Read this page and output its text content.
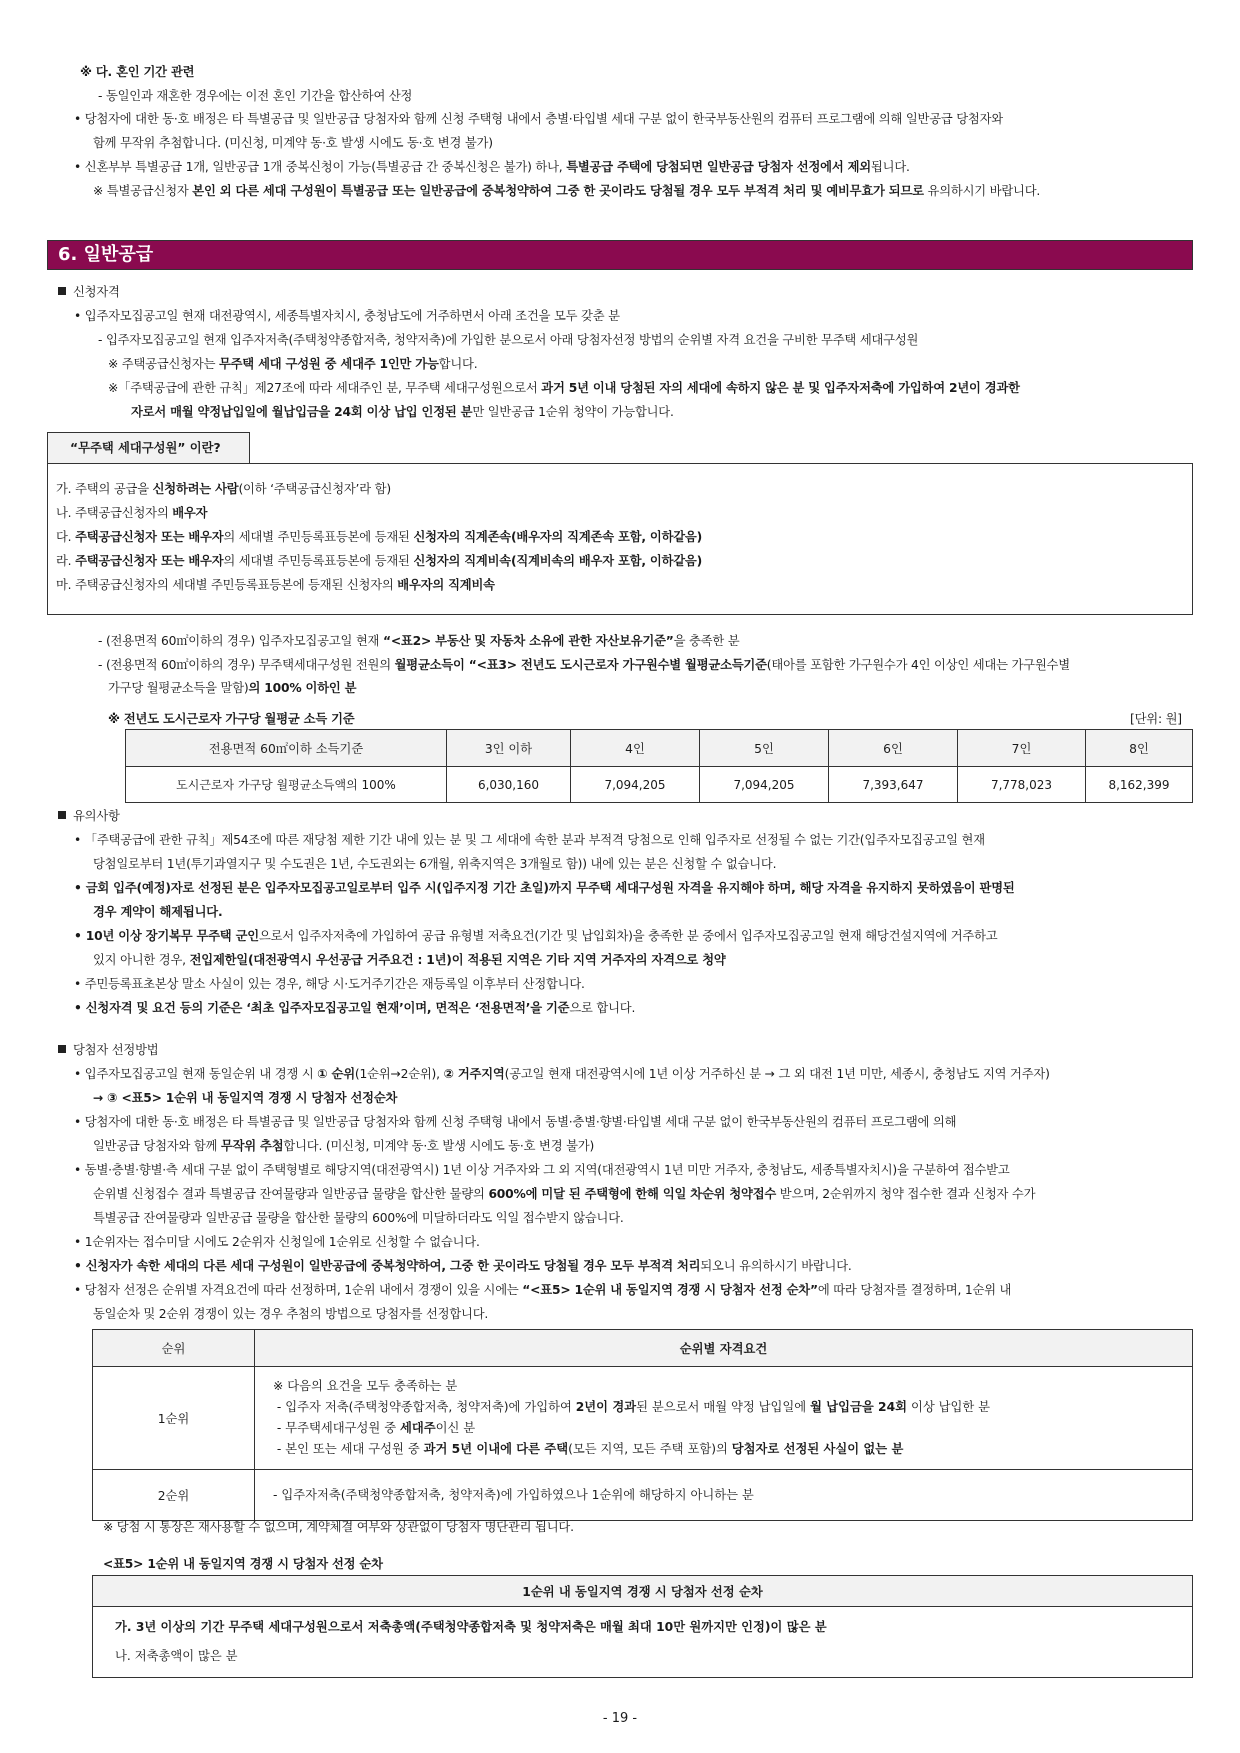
※ 다. 혼인 기간 관련
- 동일인과 재혼한 경우에는 이전 혼인 기간을 합산하여 산정
• 당첨자에 대한 동·호 배정은 타 특별공급 및 일반공급 당첨자와 함께 신청 주택형 내에서 층별·타입별 세대 구분 없이 한국부동산원의 컴퓨터 프로그램에 의해 일반공급 당첨자와
함께 무작위 추첨합니다. (미신청, 미계약 동·호 발생 시에도 동·호 변경 불가)
• 신혼부부 특별공급 1개, 일반공급 1개 중복신청이 가능(특별공급 간 중복신청은 불가) 하나, 특별공급 주택에 당첨되면 일반공급 당첨자 선정에서 제외됩니다.
※ 특별공급신청자 본인 외 다른 세대 구성원이 특별공급 또는 일반공급에 중복청약하여 그중 한 곳이라도 당첨될 경우 모두 부적격 처리 및 예비무효가 되므로 유의하시기 바랍니다.
6. 일반공급
신청자격
• 입주자모집공고일 현재 대전광역시, 세종특별자치시, 충청남도에 거주하면서 아래 조건을 모두 갖춘 분
- 입주자모집공고일 현재 입주자저축(주택청약종합저축, 청약저축)에 가입한 분으로서 아래 당첨자선정 방법의 순위별 자격 요건을 구비한 무주택 세대구성원
※ 주택공급신청자는 무주택 세대 구성원 중 세대주 1인만 가능합니다.
※「주택공급에 관한 규칙」제27조에 따라 세대주인 분, 무주택 세대구성원으로서 과거 5년 이내 당첨된 자의 세대에 속하지 않은 분 및 입주자저축에 가입하여 2년이 경과한
자로서 매월 약정납입일에 월납입금을 24회 이상 납입 인정된 분만 일반공급 1순위 청약이 가능합니다.
“무주택 세대구성원” 이란?
가. 주택의 공급을 신청하려는 사람(이하 ‘주택공급신청자’라 함)
나. 주택공급신청자의 배우자
다. 주택공급신청자 또는 배우자의 세대별 주민등록표등본에 등재된 신청자의 직계존속(배우자의 직계존속 포함, 이하같음)
라. 주택공급신청자 또는 배우자의 세대별 주민등록표등본에 등재된 신청자의 직계비속(직계비속의 배우자 포함, 이하같음)
마. 주택공급신청자의 세대별 주민등록표등본에 등재된 신청자의 배우자의 직계비속
- (전용면적 60㎡이하의 경우) 입주자모집공고일 현재 “<표2> 부동산 및 자동차 소유에 관한 자산보유기준”을 충족한 분
- (전용면적 60㎡이하의 경우) 무주택세대구성원 전원의 월평균소득이 “<표3> 전년도 도시근로자 가구원수별 월평균소득기준(태아를 포함한 가구원수가 4인 이상인 세대는 가구원수별
가구당 월평균소득을 말함)의 100% 이하인 분
※ 전년도 도시근로자 가구당 월평균 소득 기준	[단위: 원]
전용면적 60㎡이하 소득기준	3인 이하	4인	5인	6인	7인	8인
도시근로자 가구당 월평균소득액의 100%	6,030,160	7,094,205	7,094,205	7,393,647	7,778,023	8,162,399
유의사항
• 「주택공급에 관한 규칙」제54조에 따른 재당첨 제한 기간 내에 있는 분 및 그 세대에 속한 분과 부적격 당첨으로 인해 입주자로 선정될 수 없는 기간(입주자모집공고일 현재
당첨일로부터 1년(투기과열지구 및 수도권은 1년, 수도권외는 6개월, 위축지역은 3개월로 함)) 내에 있는 분은 신청할 수 없습니다.
• 금회 입주(예정)자로 선정된 분은 입주자모집공고일로부터 입주 시(입주지정 기간 초일)까지 무주택 세대구성원 자격을 유지해야 하며, 해당 자격을 유지하지 못하였음이 판명된
경우 계약이 해제됩니다.
• 10년 이상 장기복무 무주택 군인으로서 입주자저축에 가입하여 공급 유형별 저축요건(기간 및 납입회차)을 충족한 분 중에서 입주자모집공고일 현재 해당건설지역에 거주하고
있지 아니한 경우, 전입제한일(대전광역시 우선공급 거주요건 : 1년)이 적용된 지역은 기타 지역 거주자의 자격으로 청약
• 주민등록표초본상 말소 사실이 있는 경우, 해당 시·도거주기간은 재등록일 이후부터 산정합니다.
• 신청자격 및 요건 등의 기준은 ‘최초 입주자모집공고일 현재’이며, 면적은 ‘전용면적’을 기준으로 합니다.
당첨자 선정방법
• 입주자모집공고일 현재 동일순위 내 경쟁 시 ① 순위(1순위→2순위), ② 거주지역(공고일 현재 대전광역시에 1년 이상 거주하신 분 → 그 외 대전 1년 미만, 세종시, 충청남도 지역 거주자)
→ ③ <표5> 1순위 내 동일지역 경쟁 시 당첨자 선정순차
• 당첨자에 대한 동·호 배정은 타 특별공급 및 일반공급 당첨자와 함께 신청 주택형 내에서 동별·층별·향별·타입별 세대 구분 없이 한국부동산원의 컴퓨터 프로그램에 의해
일반공급 당첨자와 함께 무작위 추첨합니다. (미신청, 미계약 동·호 발생 시에도 동·호 변경 불가)
• 동별·층별·향별·측 세대 구분 없이 주택형별로 해당지역(대전광역시) 1년 이상 거주자와 그 외 지역(대전광역시 1년 미만 거주자, 충청남도, 세종특별자치시)을 구분하여 접수받고
순위별 신청접수 결과 특별공급 잔여물량과 일반공급 물량을 합산한 물량의 600%에 미달 된 주택형에 한해 익일 차순위 청약접수 받으며, 2순위까지 청약 접수한 결과 신청자 수가
특별공급 잔여물량과 일반공급 물량을 합산한 물량의 600%에 미달하더라도 익일 접수받지 않습니다.
• 1순위자는 접수미달 시에도 2순위자 신청일에 1순위로 신청할 수 없습니다.
• 신청자가 속한 세대의 다른 세대 구성원이 일반공급에 중복청약하여, 그중 한 곳이라도 당첨될 경우 모두 부적격 처리되오니 유의하시기 바랍니다.
• 당첨자 선정은 순위별 자격요건에 따라 선정하며, 1순위 내에서 경쟁이 있을 시에는 “<표5> 1순위 내 동일지역 경쟁 시 당첨자 선정 순차”에 따라 당첨자를 결정하며, 1순위 내
동일순차 및 2순위 경쟁이 있는 경우 추첨의 방법으로 당첨자를 선정합니다.
순위	순위별 자격요건
1순위	※ 다음의 요건을 모두 충족하는 분
- 입주자 저축(주택청약종합저축, 청약저축)에 가입하여 2년이 경과된 분으로서 매월 약정 납입일에 월 납입금을 24회 이상 납입한 분
- 무주택세대구성원 중 세대주이신 분
- 본인 또는 세대 구성원 중 과거 5년 이내에 다른 주택(모든 지역, 모든 주택 포함)의 당첨자로 선정된 사실이 없는 분

2순위	- 입주자저축(주택청약종합저축, 청약저축)에 가입하였으나 1순위에 해당하지 아니하는 분
※ 당첨 시 통장은 재사용할 수 없으며, 계약체결 여부와 상관없이 당첨자 명단관리 됩니다.
<표5> 1순위 내 동일지역 경쟁 시 당첨자 선정 순차
1순위 내 동일지역 경쟁 시 당첨자 선정 순차

가. 3년 이상의 기간 무주택 세대구성원으로서 저축총액(주택청약종합저축 및 청약저축은 매월 최대 10만 원까지만 인정)이 많은 분
나. 저축총액이 많은 분
- 19 -
